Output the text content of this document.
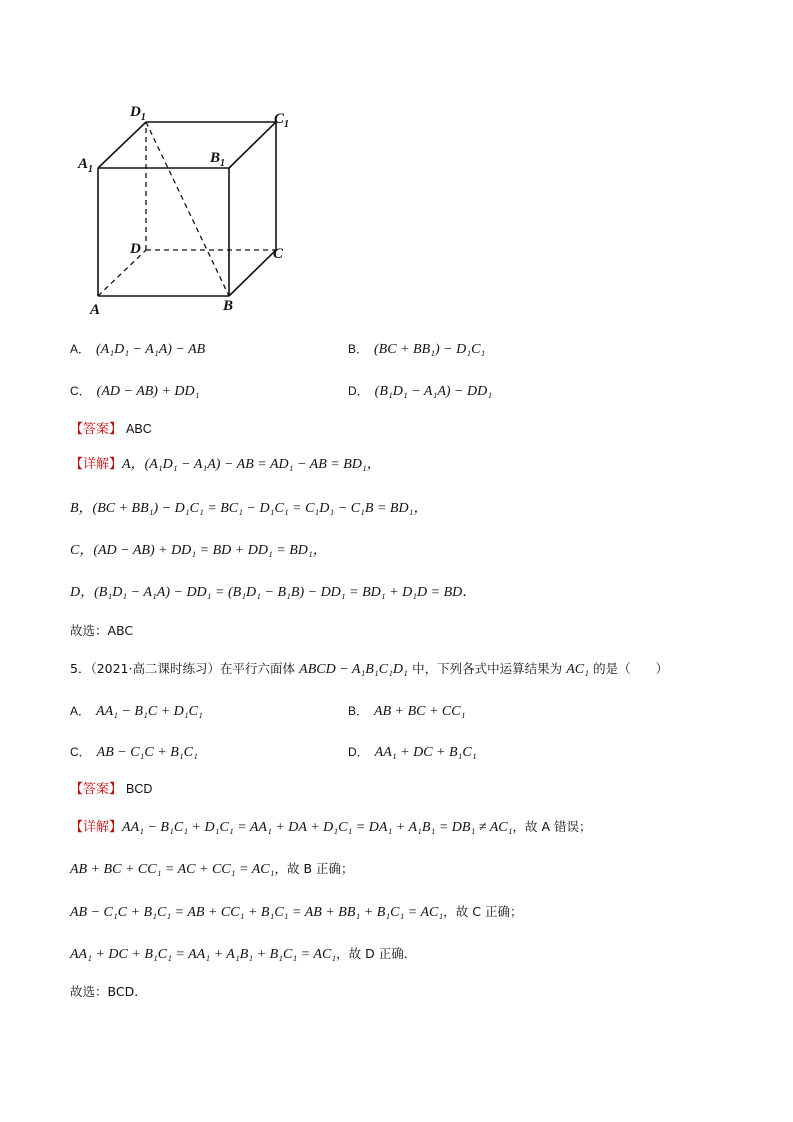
$D_1$	$C_1$
$A_1$
$B_1$
D	C
A	B
A． (A₁D₁ − A₁A) − AB	B． (BC + BB₁) − D₁C₁
C． (AD − AB) + DD₁	D． (B₁D₁ − A₁A) − DD₁
【答案】 ABC
【详解】A，(A₁D₁ − A₁A) − AB = AD₁ − AB = BD₁，
B，(BC + BB₁) − D₁C₁ = BC₁ − D₁C₁ = C₁D₁ − C₁B = BD₁，
C，(AD − AB) + DD₁ = BD + DD₁ = BD₁，
D，(B₁D₁ − A₁A) − DD₁ = (B₁D₁ − B₁B) − DD₁ = BD₁ + D₁D = BD．
故选：ABC
5．（2021·高二课时练习）在平行六面体 ABCD − A₁B₁C₁D₁ 中，下列各式中运算结果为 AC₁ 的是（　　）
A． AA₁ − B₁C + D₁C₁	B． AB + BC + CC₁
C． AB − C₁C + B₁C₁	D． AA₁ + DC + B₁C₁
【答案】 BCD
【详解】AA₁ − B₁C₁ + D₁C₁ = AA₁ + DA + D₁C₁ = DA₁ + A₁B₁ = DB₁ ≠ AC₁，故 A 错误；
AB + BC + CC₁ = AC + CC₁ = AC₁，故 B 正确；
AB − C₁C + B₁C₁ = AB + CC₁ + B₁C₁ = AB + BB₁ + B₁C₁ = AC₁，故 C 正确；
AA₁ + DC + B₁C₁ = AA₁ + A₁B₁ + B₁C₁ = AC₁，故 D 正确.
故选：BCD.
